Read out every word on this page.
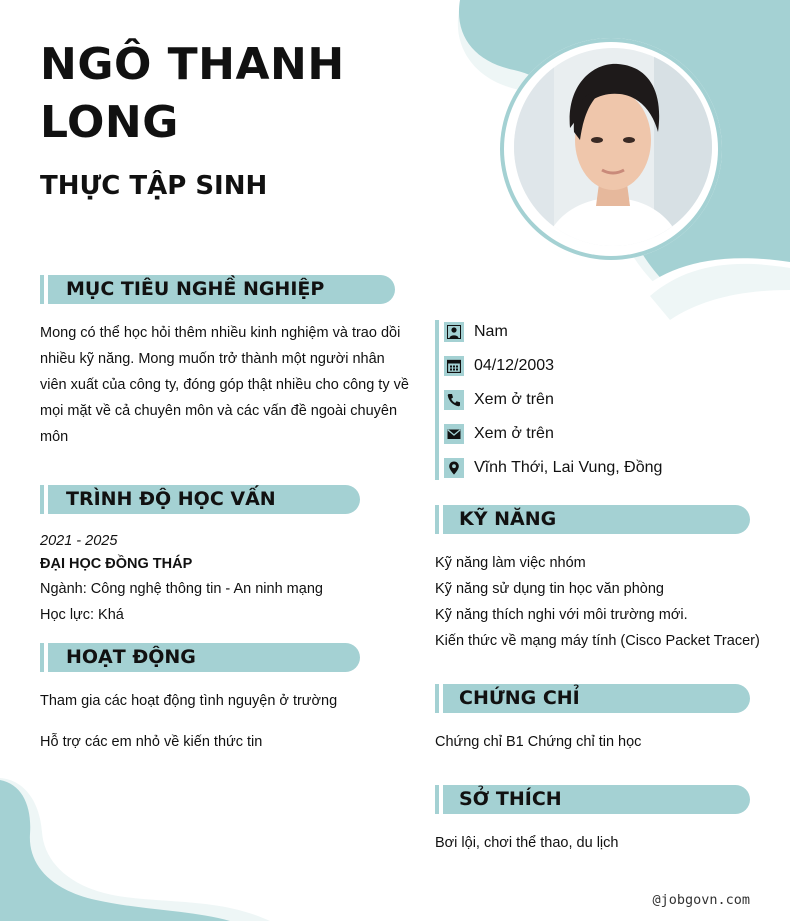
NGÔ THANH
LONG
THỰC TẬP SINH
MỤC TIÊU NGHỀ NGHIỆP
Mong có thể học hỏi thêm nhiều kinh nghiệm và trao dồi
nhiều kỹ năng. Mong muốn trở thành một người nhân
viên xuất của công ty, đóng góp thật nhiều cho công ty về
mọi mặt về cả chuyên môn và các vấn đề ngoài chuyên
môn
TRÌNH ĐỘ HỌC VẤN
2021 - 2025
ĐẠI HỌC ĐỒNG THÁP
Ngành: Công nghệ thông tin - An ninh mạng
Học lực: Khá
HOẠT ĐỘNG
Tham gia các hoạt động tình nguyện ở trường
Hỗ trợ các em nhỏ về kiến thức tin
Nam
04/12/2003
Xem ở trên
Xem ở trên
Vĩnh Thới, Lai Vung, Đồng
KỸ NĂNG
Kỹ năng làm việc nhóm
Kỹ năng sử dụng tin học văn phòng
Kỹ năng thích nghi với môi trường mới.
Kiến thức về mạng máy tính (Cisco Packet Tracer)
CHỨNG CHỈ
Chứng chỉ B1 Chứng chỉ tin học
SỞ THÍCH
Bơi lội, chơi thể thao, du lịch
@jobgovn.com
